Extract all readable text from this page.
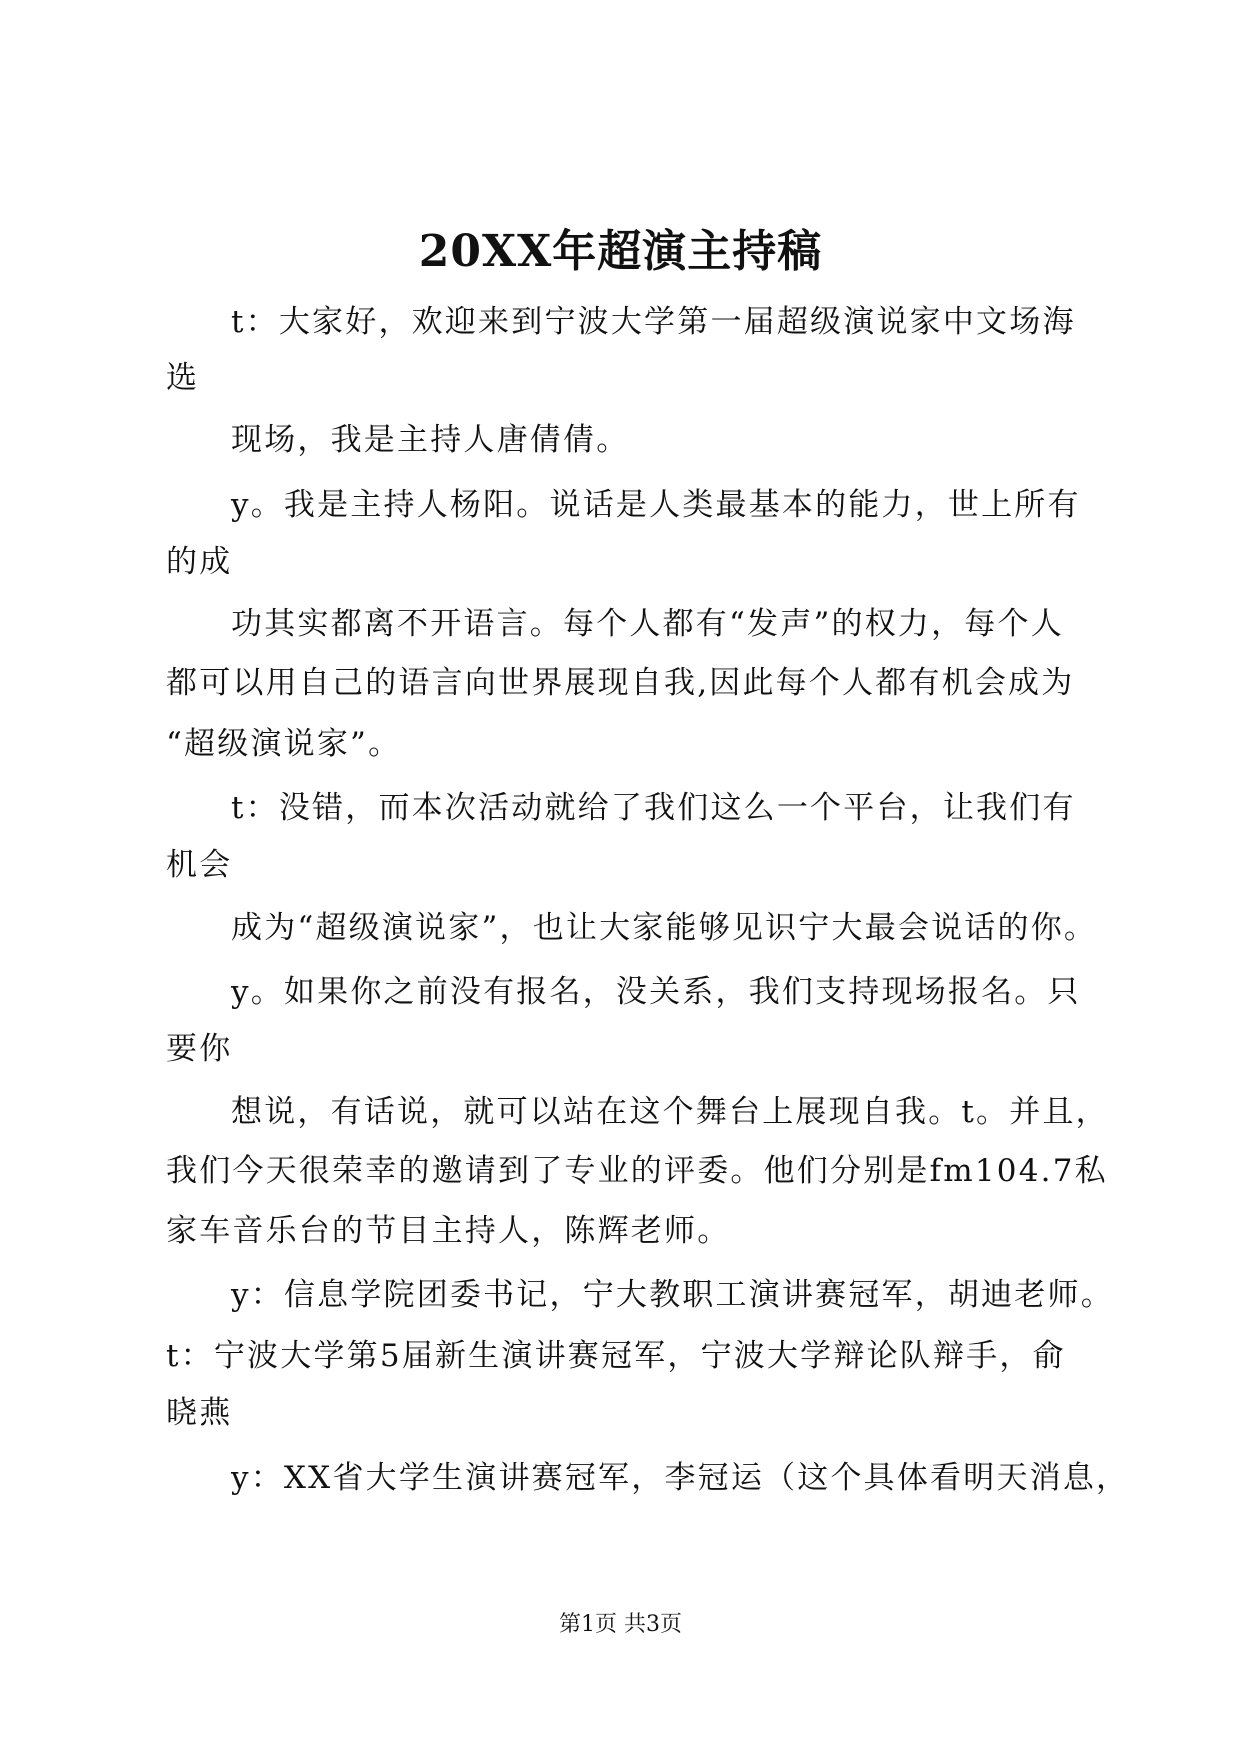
20XX年超演主持稿
t：大家好，欢迎来到宁波大学第一届超级演说家中文场海
选
现场，我是主持人唐倩倩。
y。我是主持人杨阳。说话是人类最基本的能力，世上所有
的成
功其实都离不开语言。每个人都有“发声”的权力，每个人
都可以用自己的语言向世界展现自我,因此每个人都有机会成为
“超级演说家”。
t：没错，而本次活动就给了我们这么一个平台，让我们有
机会
成为“超级演说家”，也让大家能够见识宁大最会说话的你。
y。如果你之前没有报名，没关系，我们支持现场报名。只
要你
想说，有话说，就可以站在这个舞台上展现自我。t。并且，
我们今天很荣幸的邀请到了专业的评委。他们分别是fm104.7私
家车音乐台的节目主持人，陈辉老师。
y：信息学院团委书记，宁大教职工演讲赛冠军，胡迪老师。
t：宁波大学第5届新生演讲赛冠军，宁波大学辩论队辩手，俞
晓燕
y：XX省大学生演讲赛冠军，李冠运（这个具体看明天消息，
第1页 共3页
